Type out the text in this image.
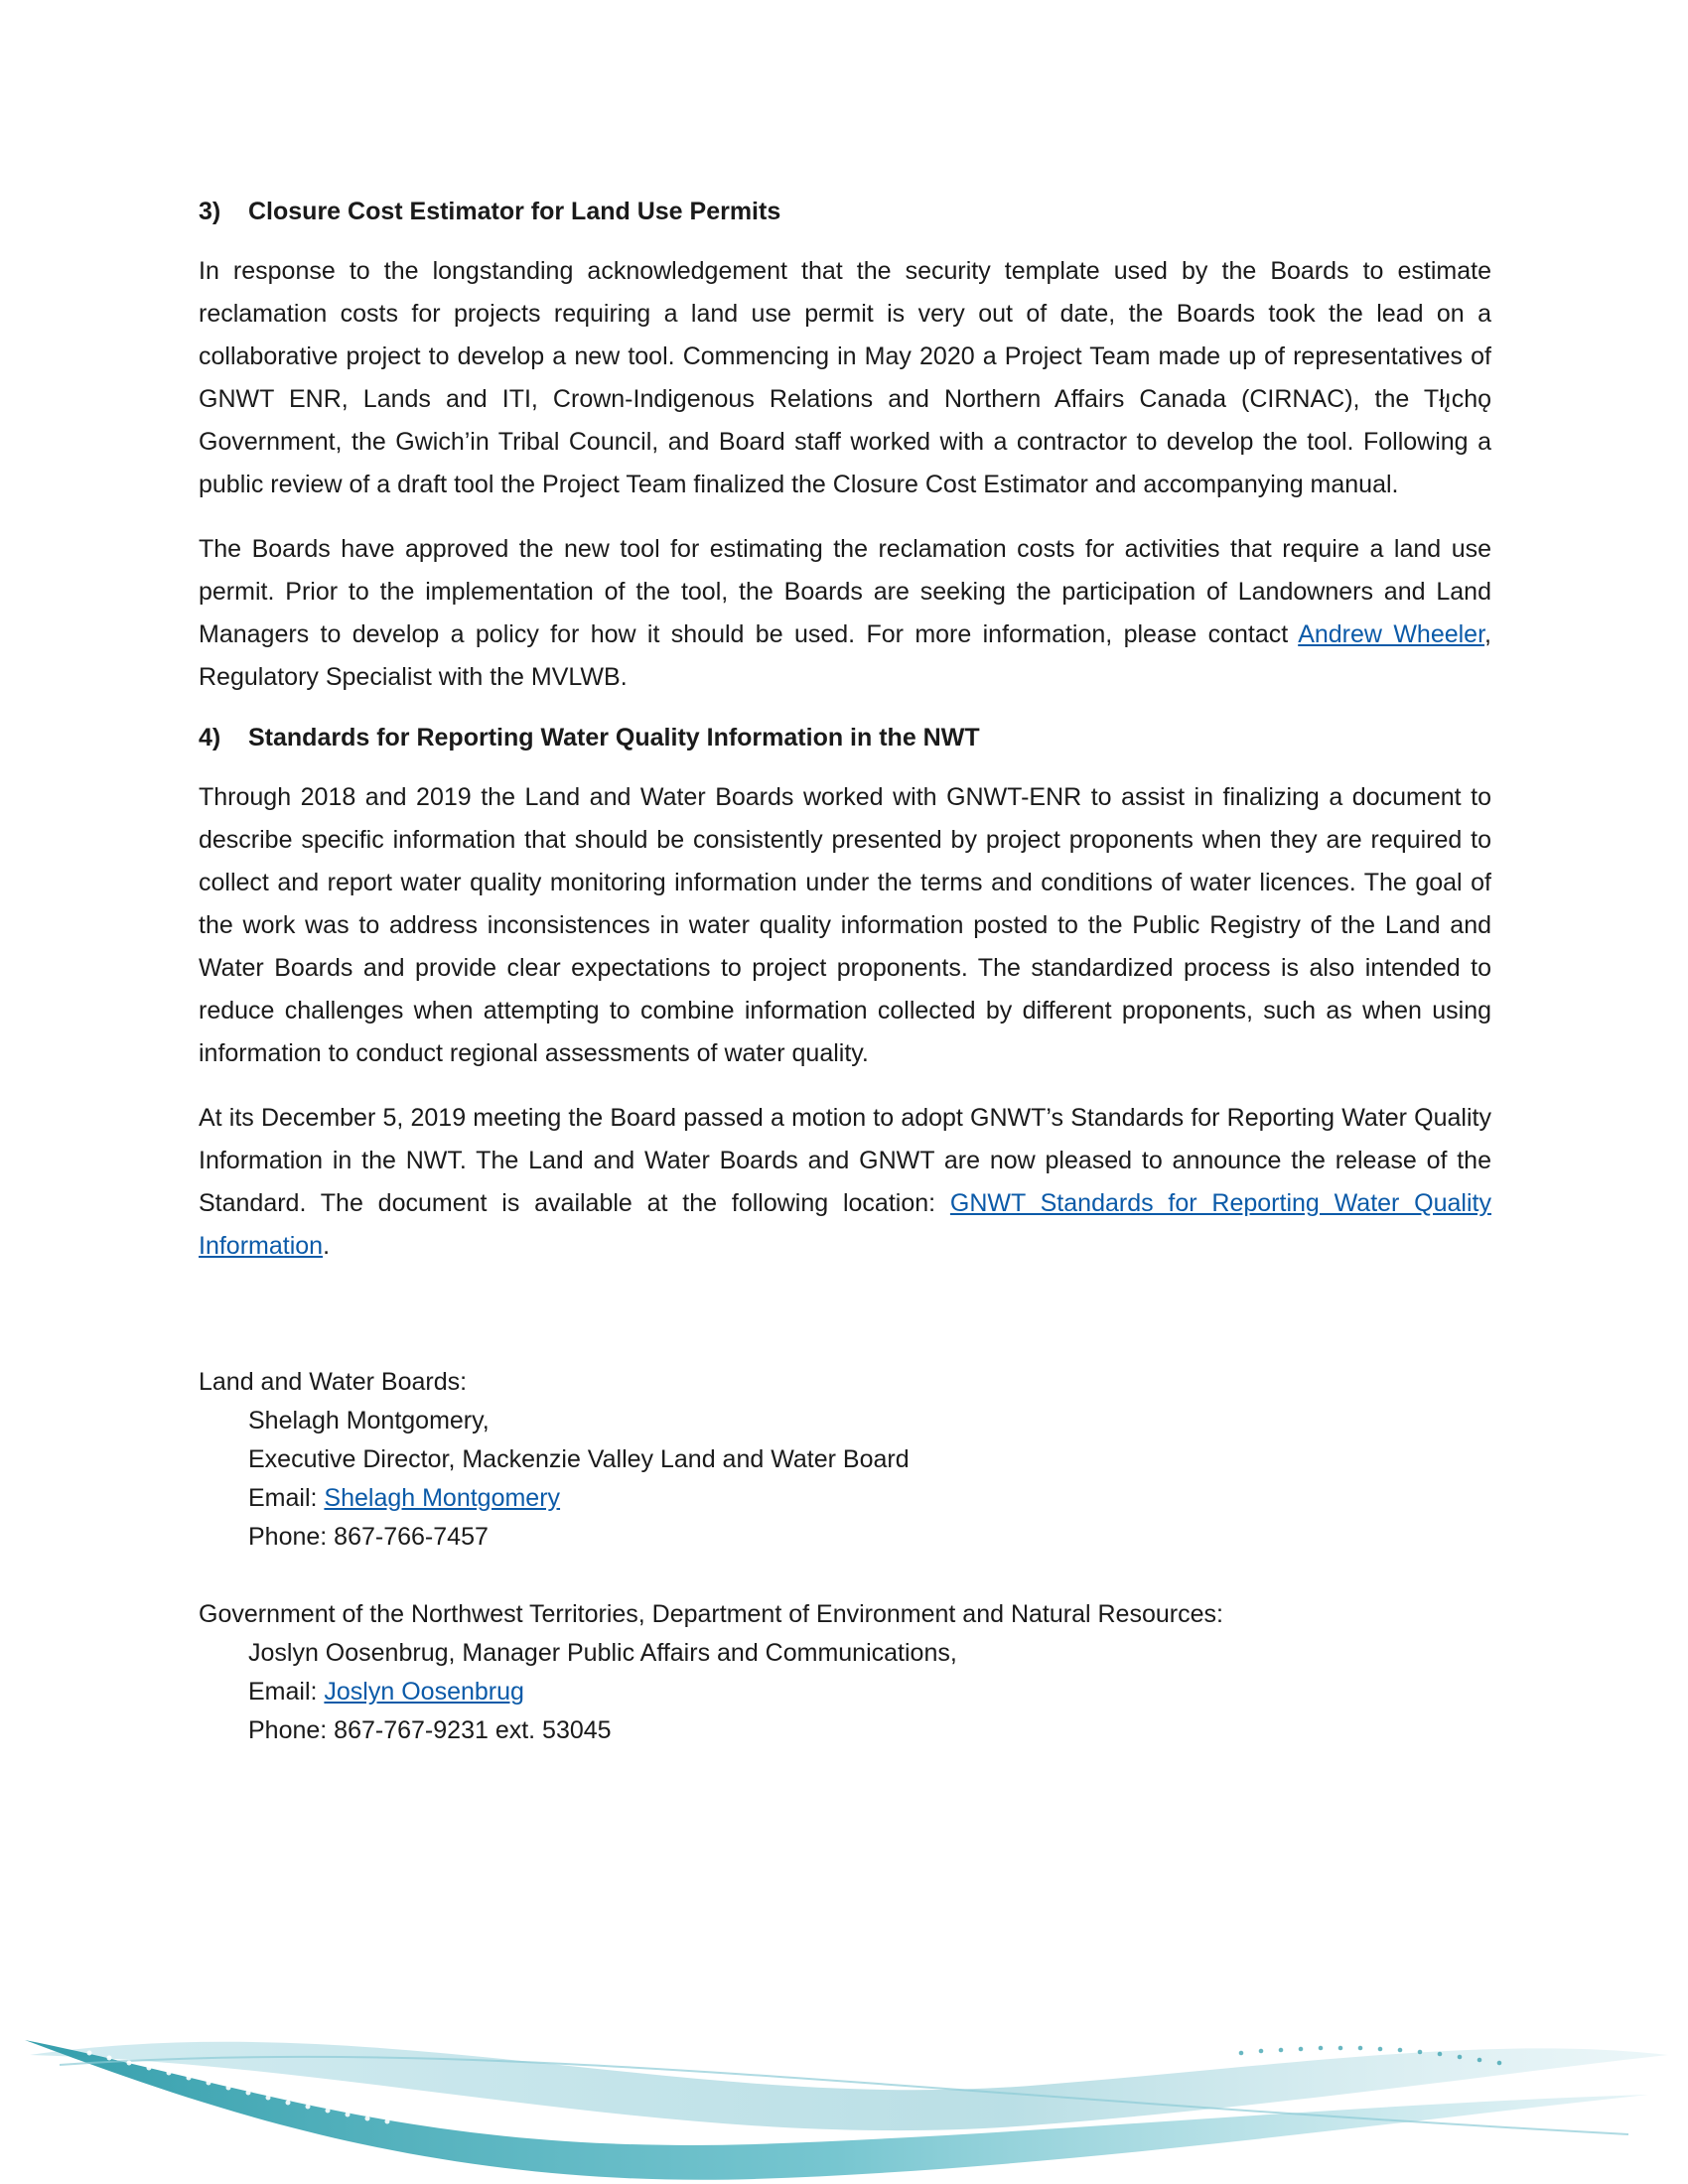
3)	Closure Cost Estimator for Land Use Permits

In response to the longstanding acknowledgement that the security template used by the Boards to estimate reclamation costs for projects requiring a land use permit is very out of date, the Boards took the lead on a collaborative project to develop a new tool. Commencing in May 2020 a Project Team made up of representatives of GNWT ENR, Lands and ITI, Crown-Indigenous Relations and Northern Affairs Canada (CIRNAC), the Tłı̨chǫ Government, the Gwich’in Tribal Council, and Board staff worked with a contractor to develop the tool. Following a public review of a draft tool the Project Team finalized the Closure Cost Estimator and accompanying manual.

The Boards have approved the new tool for estimating the reclamation costs for activities that require a land use permit. Prior to the implementation of the tool, the Boards are seeking the participation of Landowners and Land Managers to develop a policy for how it should be used. For more information, please contact Andrew Wheeler, Regulatory Specialist with the MVLWB.

4)	Standards for Reporting Water Quality Information in the NWT

Through 2018 and 2019 the Land and Water Boards worked with GNWT-ENR to assist in finalizing a document to describe specific information that should be consistently presented by project proponents when they are required to collect and report water quality monitoring information under the terms and conditions of water licences. The goal of the work was to address inconsistences in water quality information posted to the Public Registry of the Land and Water Boards and provide clear expectations to project proponents. The standardized process is also intended to reduce challenges when attempting to combine information collected by different proponents, such as when using information to conduct regional assessments of water quality.

At its December 5, 2019 meeting the Board passed a motion to adopt GNWT’s Standards for Reporting Water Quality Information in the NWT. The Land and Water Boards and GNWT are now pleased to announce the release of the Standard. The document is available at the following location: GNWT Standards for Reporting Water Quality Information.

Land and Water Boards:
Shelagh Montgomery,
Executive Director, Mackenzie Valley Land and Water Board
Email: Shelagh Montgomery
Phone: 867-766-7457
Government of the Northwest Territories, Department of Environment and Natural Resources:
Joslyn Oosenbrug, Manager Public Affairs and Communications,
Email: Joslyn Oosenbrug
Phone: 867-767-9231 ext. 53045
